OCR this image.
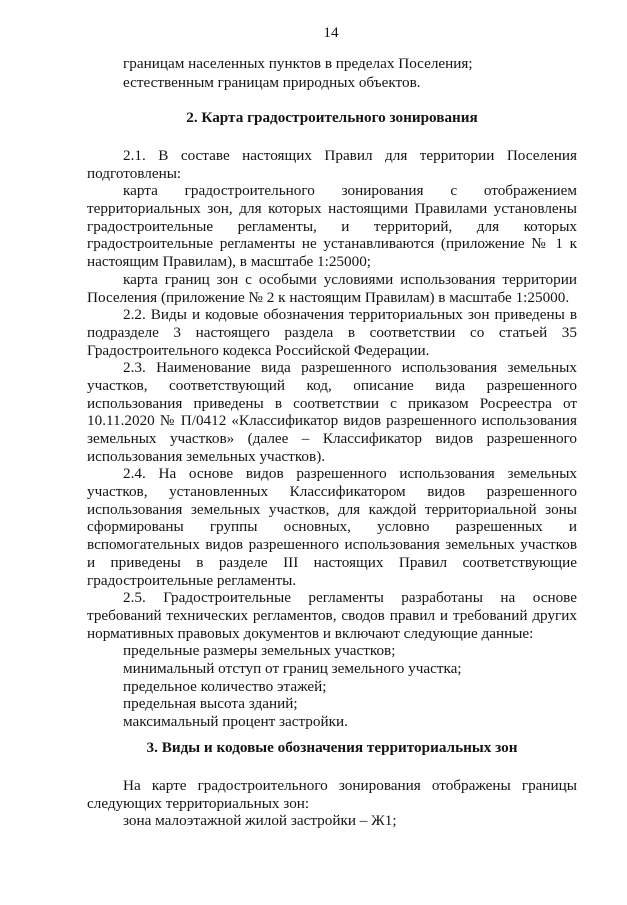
14
границам населенных пунктов в пределах Поселения;
естественным границам природных объектов.
2. Карта градостроительного зонирования
2.1. В составе настоящих Правил для территории Поселения
подготовлены:
карта градостроительного зонирования с отображением
территориальных зон, для которых настоящими Правилами установлены
градостроительные регламенты, и территорий, для которых
градостроительные регламенты не устанавливаются (приложение № 1 к
настоящим Правилам), в масштабе 1:25000;
карта границ зон с особыми условиями использования территории
Поселения (приложение № 2 к настоящим Правилам) в масштабе 1:25000.
2.2. Виды и кодовые обозначения территориальных зон приведены в
подразделе 3 настоящего раздела в соответствии со статьей 35
Градостроительного кодекса Российской Федерации.
2.3. Наименование вида разрешенного использования земельных
участков, соответствующий код, описание вида разрешенного
использования приведены в соответствии с приказом Росреестра от
10.11.2020 № П/0412 «Классификатор видов разрешенного использования
земельных участков» (далее – Классификатор видов разрешенного
использования земельных участков).
2.4. На основе видов разрешенного использования земельных
участков, установленных Классификатором видов разрешенного
использования земельных участков, для каждой территориальной зоны
сформированы группы основных, условно разрешенных и
вспомогательных видов разрешенного использования земельных участков
и приведены в разделе III настоящих Правил соответствующие
градостроительные регламенты.
2.5. Градостроительные регламенты разработаны на основе
требований технических регламентов, сводов правил и требований других
нормативных правовых документов и включают следующие данные:
предельные размеры земельных участков;
минимальный отступ от границ земельного участка;
предельное количество этажей;
предельная высота зданий;
максимальный процент застройки.
3. Виды и кодовые обозначения территориальных зон
На карте градостроительного зонирования отображены границы
следующих территориальных зон:
зона малоэтажной жилой застройки – Ж1;
